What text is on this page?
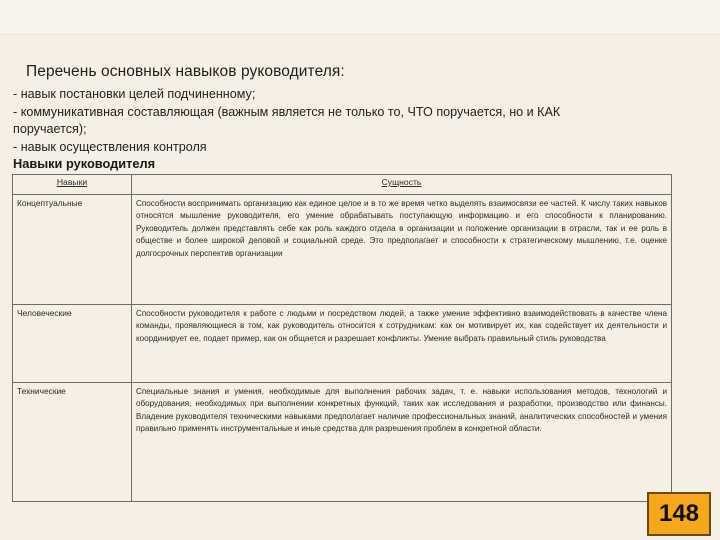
Перечень основных навыков руководителя:
- навык постановки целей подчиненному;
- коммуникативная составляющая (важным является не только то, ЧТО поручается, но и КАК
поручается);
- навык осуществления контроля
Навыки руководителя
Навыки	Сущность
Концептуальные	Способности воспринимать организацию как единое целое и в то же время четко выделять взаимосвязи ее частей. К числу таких навыков относятся мышление руководителя, его умение обрабатывать поступающую информацию и его способности к планированию. Руководитель должен представлять себе как роль каждого отдела в организации и положение организации в отрасли, так и ее роль в обществе и более широкой деловой и социальной среде. Это предполагает и способности к стратегическому мышлению, т.е. оценке долгосрочных перспектив организации
Человеческие	Способности руководителя к работе с людьми и посредством людей, а также умение эффективно взаимодействовать в качестве члена команды, проявляющиеся в том, как руководитель относится к сотрудникам: как он мотивирует их, как содействует их деятельности и координирует ее, подает пример, как он общается и разрешает конфликты. Умение выбрать правильный стиль руководства
Технические	Специальные знания и умения, необходимые для выполнения рабочих задач, т. е. навыки использования методов, технологий и оборудования, необходимых при выполнении конкретных функций, таких как исследования и разработки, производство или финансы. Владение руководителя техническими навыками предполагает наличие профессиональных знаний, аналитических способностей и умения правильно применять инструментальные и иные средства для разрешения проблем в конкретной области.
148
